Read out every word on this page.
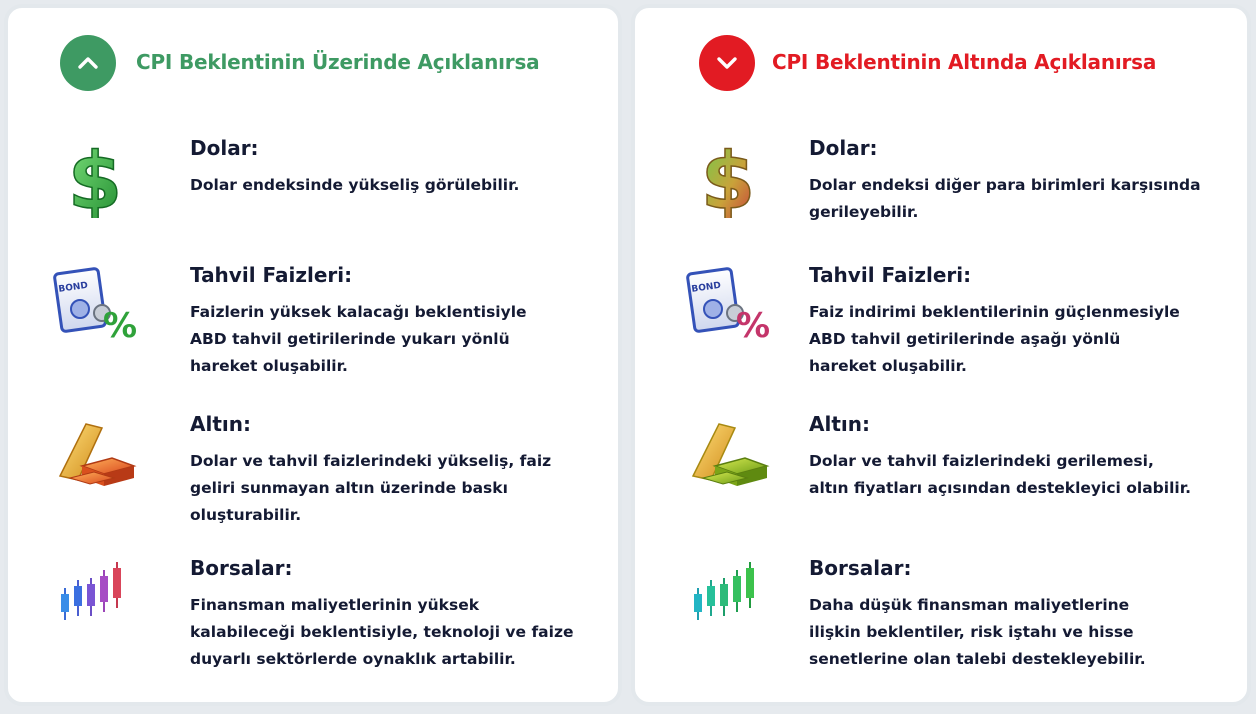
CPI Beklentinin Üzerinde Açıklanırsa
$	Dolar:
Dolar endeksinde yükseliş görülebilir.
BOND
%
Tahvil Faizleri:
Faizlerin yüksek kalacağı beklentisiyle
ABD tahvil getirilerinde yukarı yönlü
hareket oluşabilir.
Altın:
Dolar ve tahvil faizlerindeki yükseliş, faiz
geliri sunmayan altın üzerinde baskı
oluşturabilir.
Borsalar:
Finansman maliyetlerinin yüksek
kalabileceği beklentisiyle, teknoloji ve faize
duyarlı sektörlerde oynaklık artabilir.
CPI Beklentinin Altında Açıklanırsa
$	Dolar:
Dolar endeksi diğer para birimleri karşısında
gerileyebilir.
BOND
%
Tahvil Faizleri:
Faiz indirimi beklentilerinin güçlenmesiyle
ABD tahvil getirilerinde aşağı yönlü
hareket oluşabilir.
Altın:
Dolar ve tahvil faizlerindeki gerilemesi,
altın fiyatları açısından destekleyici olabilir.
Borsalar:
Daha düşük finansman maliyetlerine
ilişkin beklentiler, risk iştahı ve hisse
senetlerine olan talebi destekleyebilir.
